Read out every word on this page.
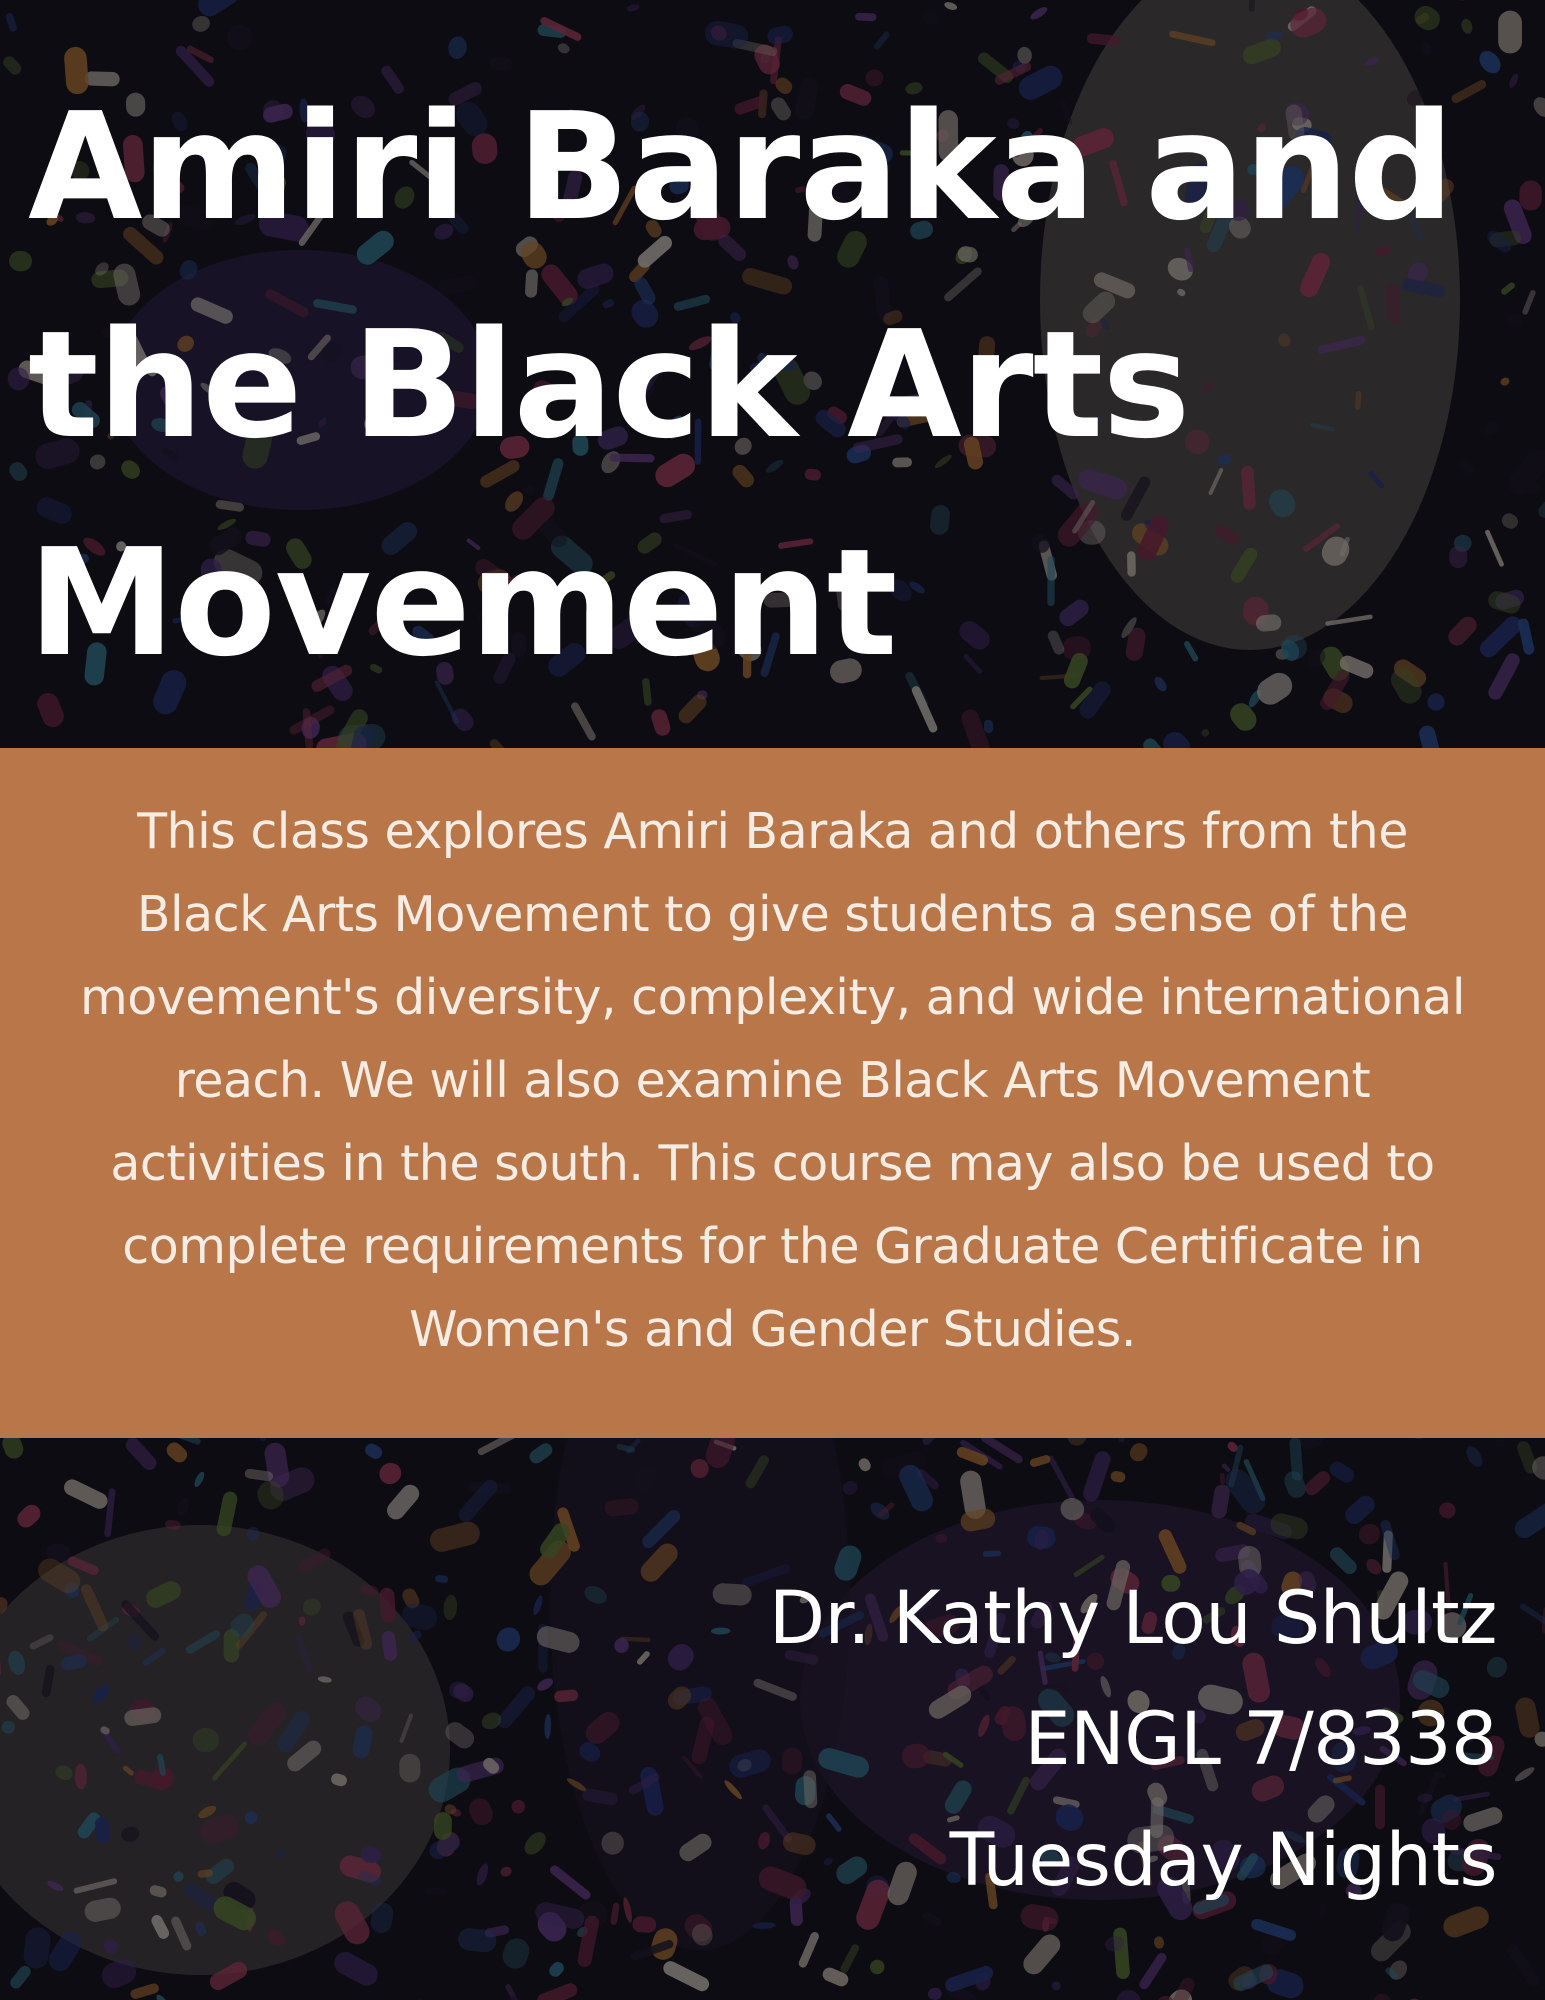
Amiri Baraka and
the Black Arts
Movement

This class explores Amiri Baraka and others from the
Black Arts Movement to give students a sense of the
movement's diversity, complexity, and wide international
reach. We will also examine Black Arts Movement
activities in the south. This course may also be used to
complete requirements for the Graduate Certificate in
Women's and Gender Studies.

Dr. Kathy Lou Shultz
ENGL 7/8338
Tuesday Nights
